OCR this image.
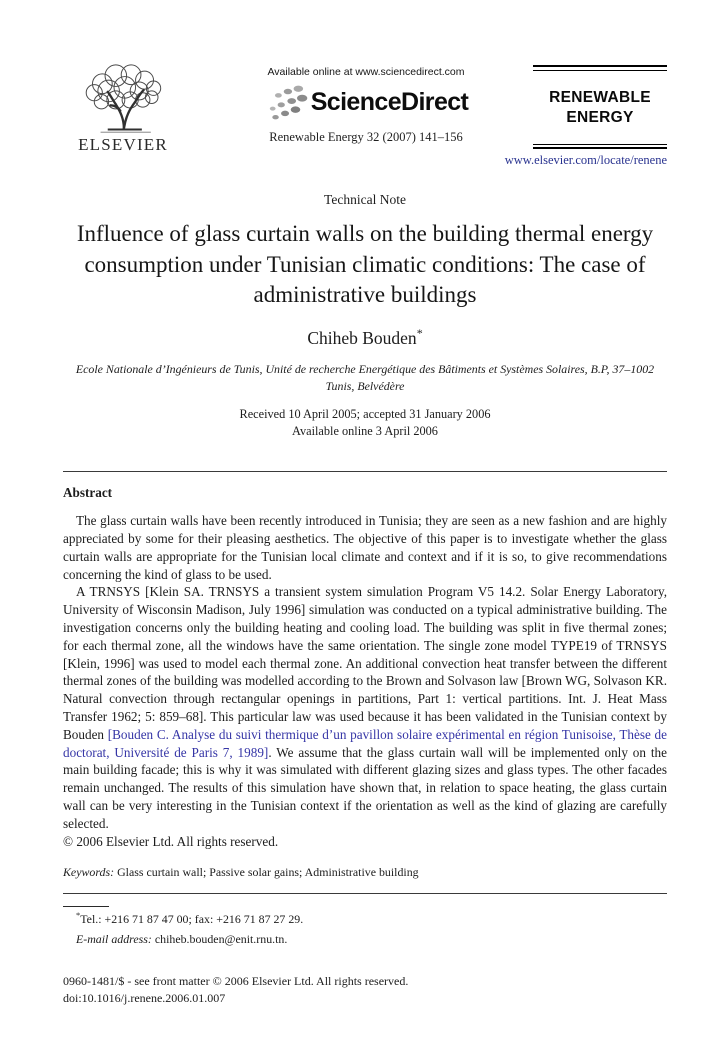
ELSEVIER
Available online at www.sciencedirect.com
ScienceDirect
Renewable Energy 32 (2007) 141–156
RENEWABLE
ENERGY
www.elsevier.com/locate/renene
Technical Note
Influence of glass curtain walls on the building thermal energy consumption under Tunisian climatic conditions: The case of administrative buildings
Chiheb Bouden*
Ecole Nationale d’Ingénieurs de Tunis, Unité de recherche Energétique des Bâtiments et Systèmes Solaires, B.P, 37–1002 Tunis, Belvédère
Received 10 April 2005; accepted 31 January 2006
Available online 3 April 2006
Abstract

The glass curtain walls have been recently introduced in Tunisia; they are seen as a new fashion and are highly appreciated by some for their pleasing aesthetics. The objective of this paper is to investigate whether the glass curtain walls are appropriate for the Tunisian local climate and context and if it is so, to give recommendations concerning the kind of glass to be used.

A TRNSYS [Klein SA. TRNSYS a transient system simulation Program V5 14.2. Solar Energy Laboratory, University of Wisconsin Madison, July 1996] simulation was conducted on a typical administrative building. The investigation concerns only the building heating and cooling load. The building was split in five thermal zones; for each thermal zone, all the windows have the same orientation. The single zone model TYPE19 of TRNSYS [Klein, 1996] was used to model each thermal zone. An additional convection heat transfer between the different thermal zones of the building was modelled according to the Brown and Solvason law [Brown WG, Solvason KR. Natural convection through rectangular openings in partitions, Part 1: vertical partitions. Int. J. Heat Mass Transfer 1962; 5: 859–68]. This particular law was used because it has been validated in the Tunisian context by Bouden [Bouden C. Analyse du suivi thermique d’un pavillon solaire expérimental en région Tunisoise, Thèse de doctorat, Université de Paris 7, 1989]. We assume that the glass curtain wall will be implemented only on the main building facade; this is why it was simulated with different glazing sizes and glass types. The other facades remain unchanged. The results of this simulation have shown that, in relation to space heating, the glass curtain wall can be very interesting in the Tunisian context if the orientation as well as the kind of glazing are carefully selected.

© 2006 Elsevier Ltd. All rights reserved.

Keywords: Glass curtain wall; Passive solar gains; Administrative building
*Tel.: +216 71 87 47 00; fax: +216 71 87 27 29.
E-mail address: chiheb.bouden@enit.rnu.tn.
0960-1481/$ - see front matter © 2006 Elsevier Ltd. All rights reserved.
doi:10.1016/j.renene.2006.01.007
